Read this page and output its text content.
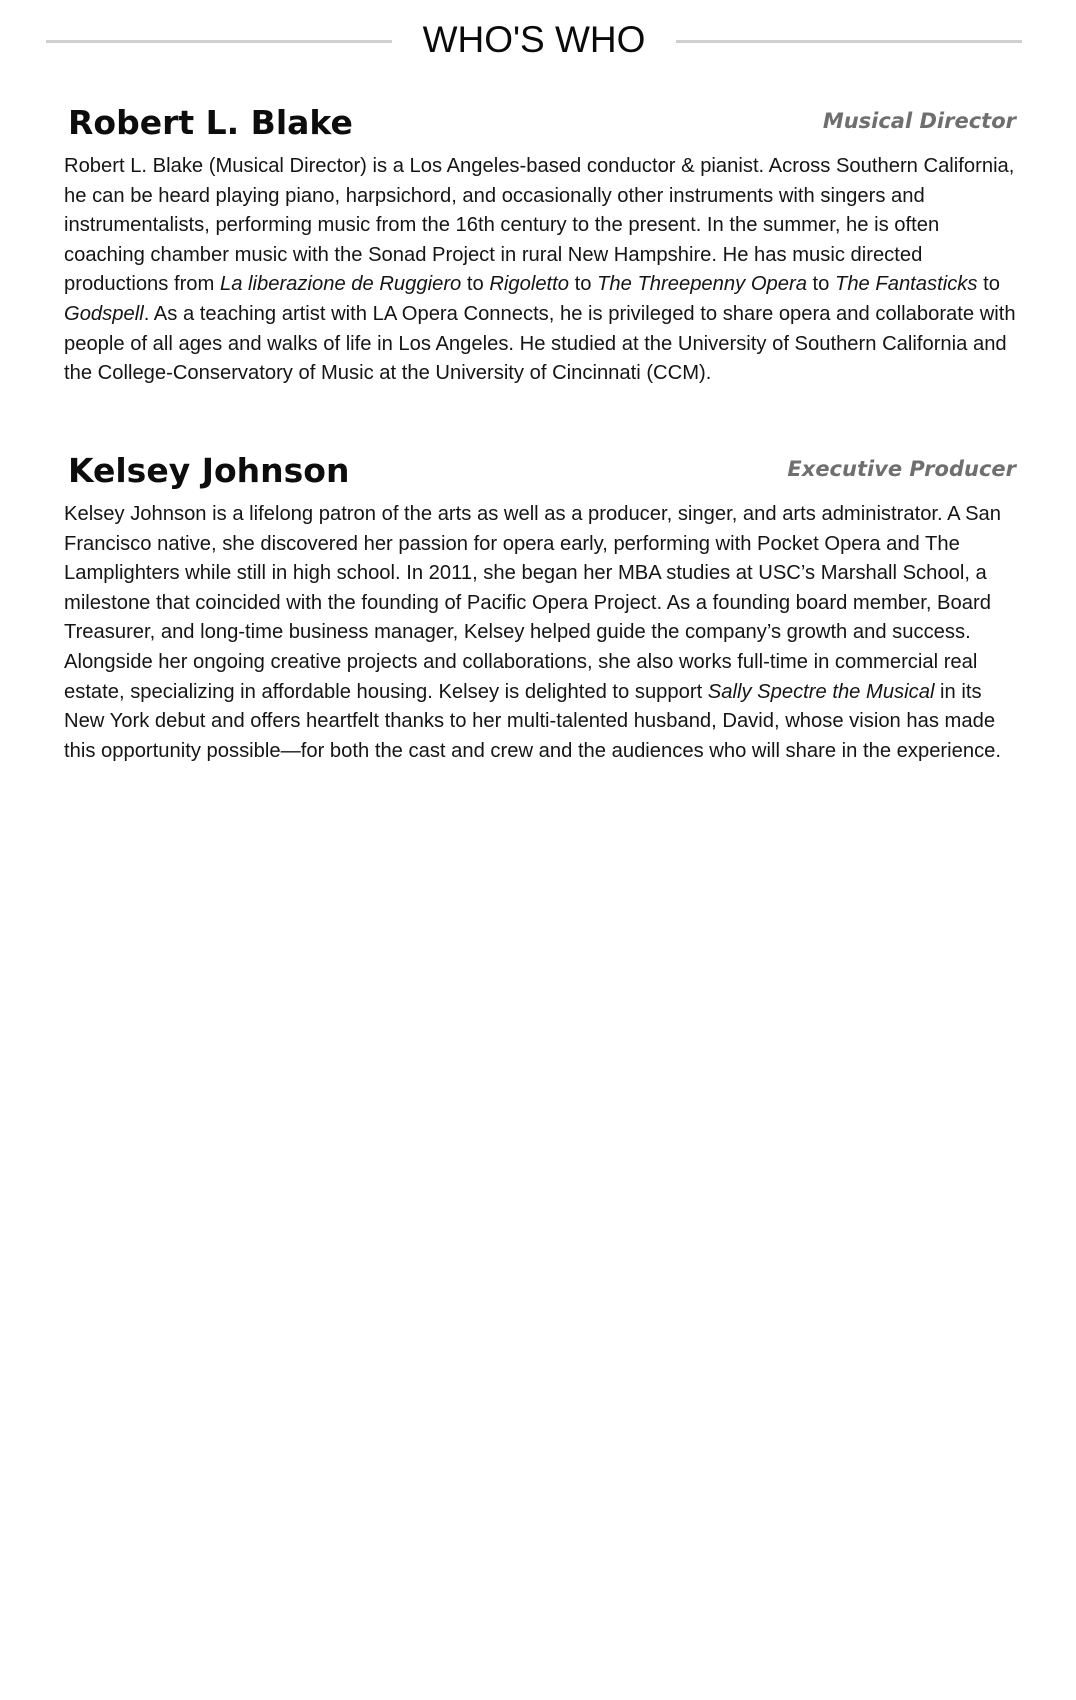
WHO'S WHO
Robert L. Blake	Musical Director

Robert L. Blake (Musical Director) is a Los Angeles-based conductor & pianist. Across Southern California, he can be heard playing piano, harpsichord, and occasionally other instruments with singers and instrumentalists, performing music from the 16th century to the present. In the summer, he is often coaching chamber music with the Sonad Project in rural New Hampshire. He has music directed productions from La liberazione de Ruggiero to Rigoletto to The Threepenny Opera to The Fantasticks to Godspell. As a teaching artist with LA Opera Connects, he is privileged to share opera and collaborate with people of all ages and walks of life in Los Angeles. He studied at the University of Southern California and the College-Conservatory of Music at the University of Cincinnati (CCM).

Kelsey Johnson	Executive Producer

Kelsey Johnson is a lifelong patron of the arts as well as a producer, singer, and arts administrator. A San Francisco native, she discovered her passion for opera early, performing with Pocket Opera and The Lamplighters while still in high school. In 2011, she began her MBA studies at USC’s Marshall School, a milestone that coincided with the founding of Pacific Opera Project. As a founding board member, Board Treasurer, and long-time business manager, Kelsey helped guide the company’s growth and success. Alongside her ongoing creative projects and collaborations, she also works full-time in commercial real estate, specializing in affordable housing. Kelsey is delighted to support Sally Spectre the Musical in its New York debut and offers heartfelt thanks to her multi-talented husband, David, whose vision has made this opportunity possible—for both the cast and crew and the audiences who will share in the experience.
